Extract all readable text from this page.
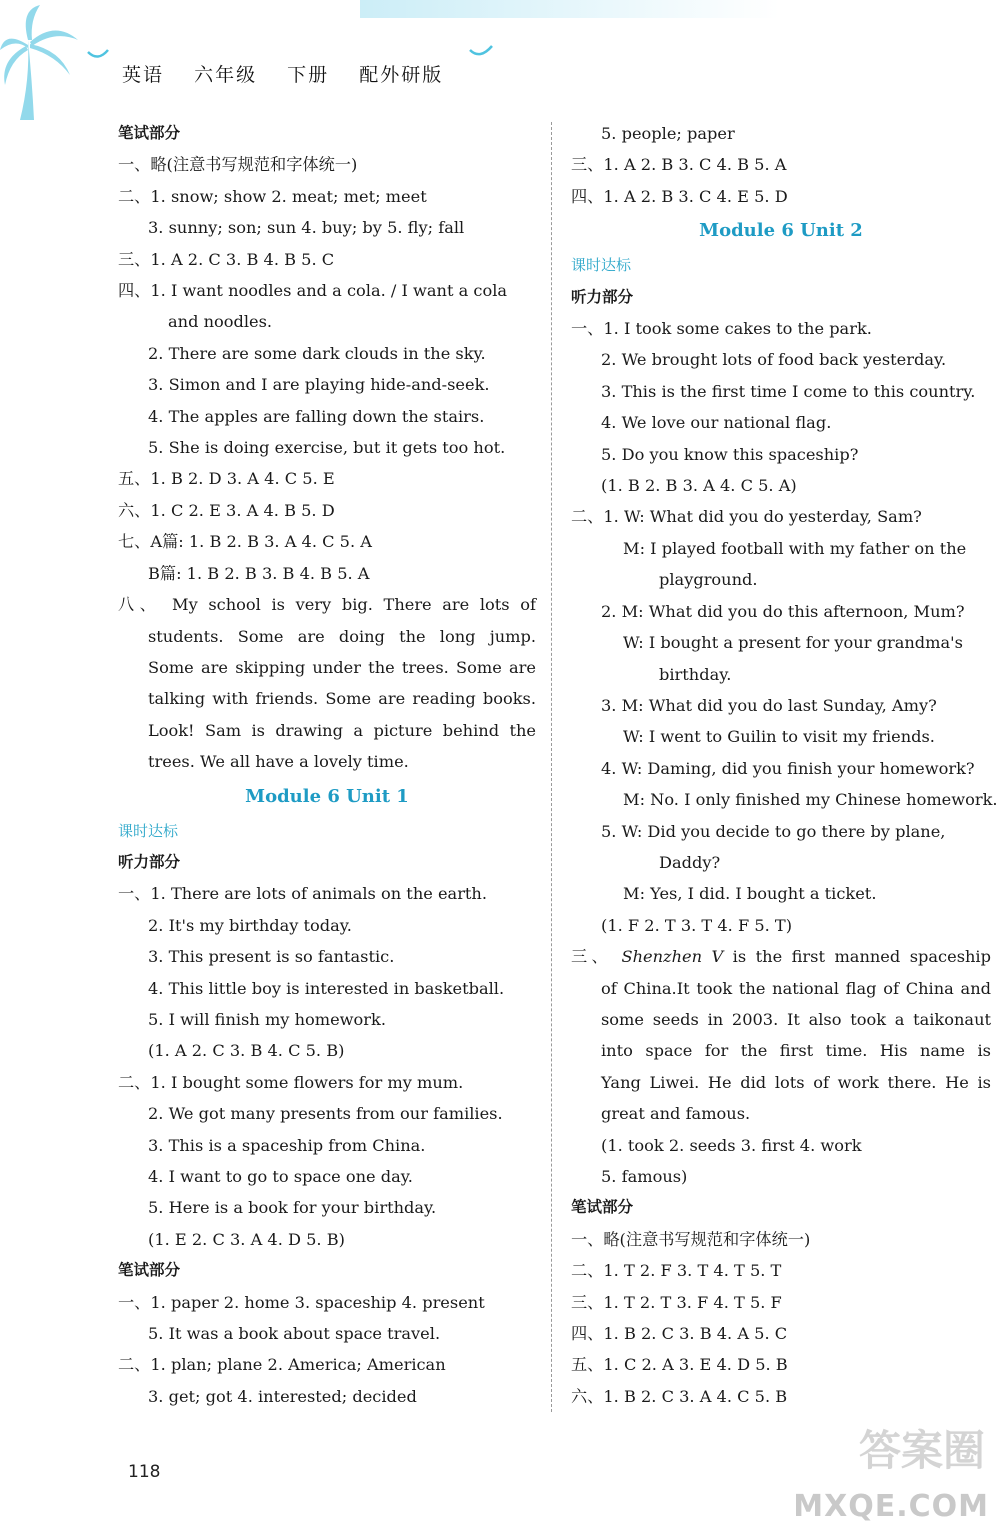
英语 六年级 下册 配外研版
笔试部分
一、略(注意书写规范和字体统一)
二、1. snow; show 2. meat; met; meet
3. sunny; son; sun 4. buy; by 5. fly; fall
三、1. A 2. C 3. B 4. B 5. C
四、1. I want noodles and a cola. / I want a cola
and noodles.
2. There are some dark clouds in the sky.
3. Simon and I are playing hide-and-seek.
4. The apples are falling down the stairs.
5. She is doing exercise, but it gets too hot.
五、1. B 2. D 3. A 4. C 5. E
六、1. C 2. E 3. A 4. B 5. D
七、A篇: 1. B 2. B 3. A 4. C 5. A
B篇: 1. B 2. B 3. B 4. B 5. A
八、 My school is very big. There are lots of
students. Some are doing the long jump.
Some are skipping under the trees. Some are
talking with friends. Some are reading books.
Look! Sam is drawing a picture behind the
trees. We all have a lovely time.
Module 6 Unit 1
课时达标
听力部分
一、1. There are lots of animals on the earth.
2. It's my birthday today.
3. This present is so fantastic.
4. This little boy is interested in basketball.
5. I will finish my homework.
(1. A 2. C 3. B 4. C 5. B)
二、1. I bought some flowers for my mum.
2. We got many presents from our families.
3. This is a spaceship from China.
4. I want to go to space one day.
5. Here is a book for your birthday.
(1. E 2. C 3. A 4. D 5. B)
笔试部分
一、1. paper 2. home 3. spaceship 4. present
5. It was a book about space travel.
二、1. plan; plane 2. America; American
3. get; got 4. interested; decided
5. people; paper
三、1. A 2. B 3. C 4. B 5. A
四、1. A 2. B 3. C 4. E 5. D
Module 6 Unit 2
课时达标
听力部分
一、1. I took some cakes to the park.
2. We brought lots of food back yesterday.
3. This is the first time I come to this country.
4. We love our national flag.
5. Do you know this spaceship?
(1. B 2. B 3. A 4. C 5. A)
二、1. W: What did you do yesterday, Sam?
M: I played football with my father on the
playground.
2. M: What did you do this afternoon, Mum?
W: I bought a present for your grandma's
birthday.
3. M: What did you do last Sunday, Amy?
W: I went to Guilin to visit my friends.
4. W: Daming, did you finish your homework?
M: No. I only finished my Chinese homework.
5. W: Did you decide to go there by plane,
Daddy?
M: Yes, I did. I bought a ticket.
(1. F 2. T 3. T 4. F 5. T)
三、 Shenzhen V is the first manned spaceship
of China.It took the national flag of China and
some seeds in 2003. It also took a taikonaut
into space for the first time. His name is
Yang Liwei. He did lots of work there. He is
great and famous.
(1. took 2. seeds 3. first 4. work
5. famous)
笔试部分
一、略(注意书写规范和字体统一)
二、1. T 2. F 3. T 4. T 5. T
三、1. T 2. T 3. F 4. T 5. F
四、1. B 2. C 3. B 4. A 5. C
五、1. C 2. A 3. E 4. D 5. B
六、1. B 2. C 3. A 4. C 5. B
118	答案圈
MXQE.COM
